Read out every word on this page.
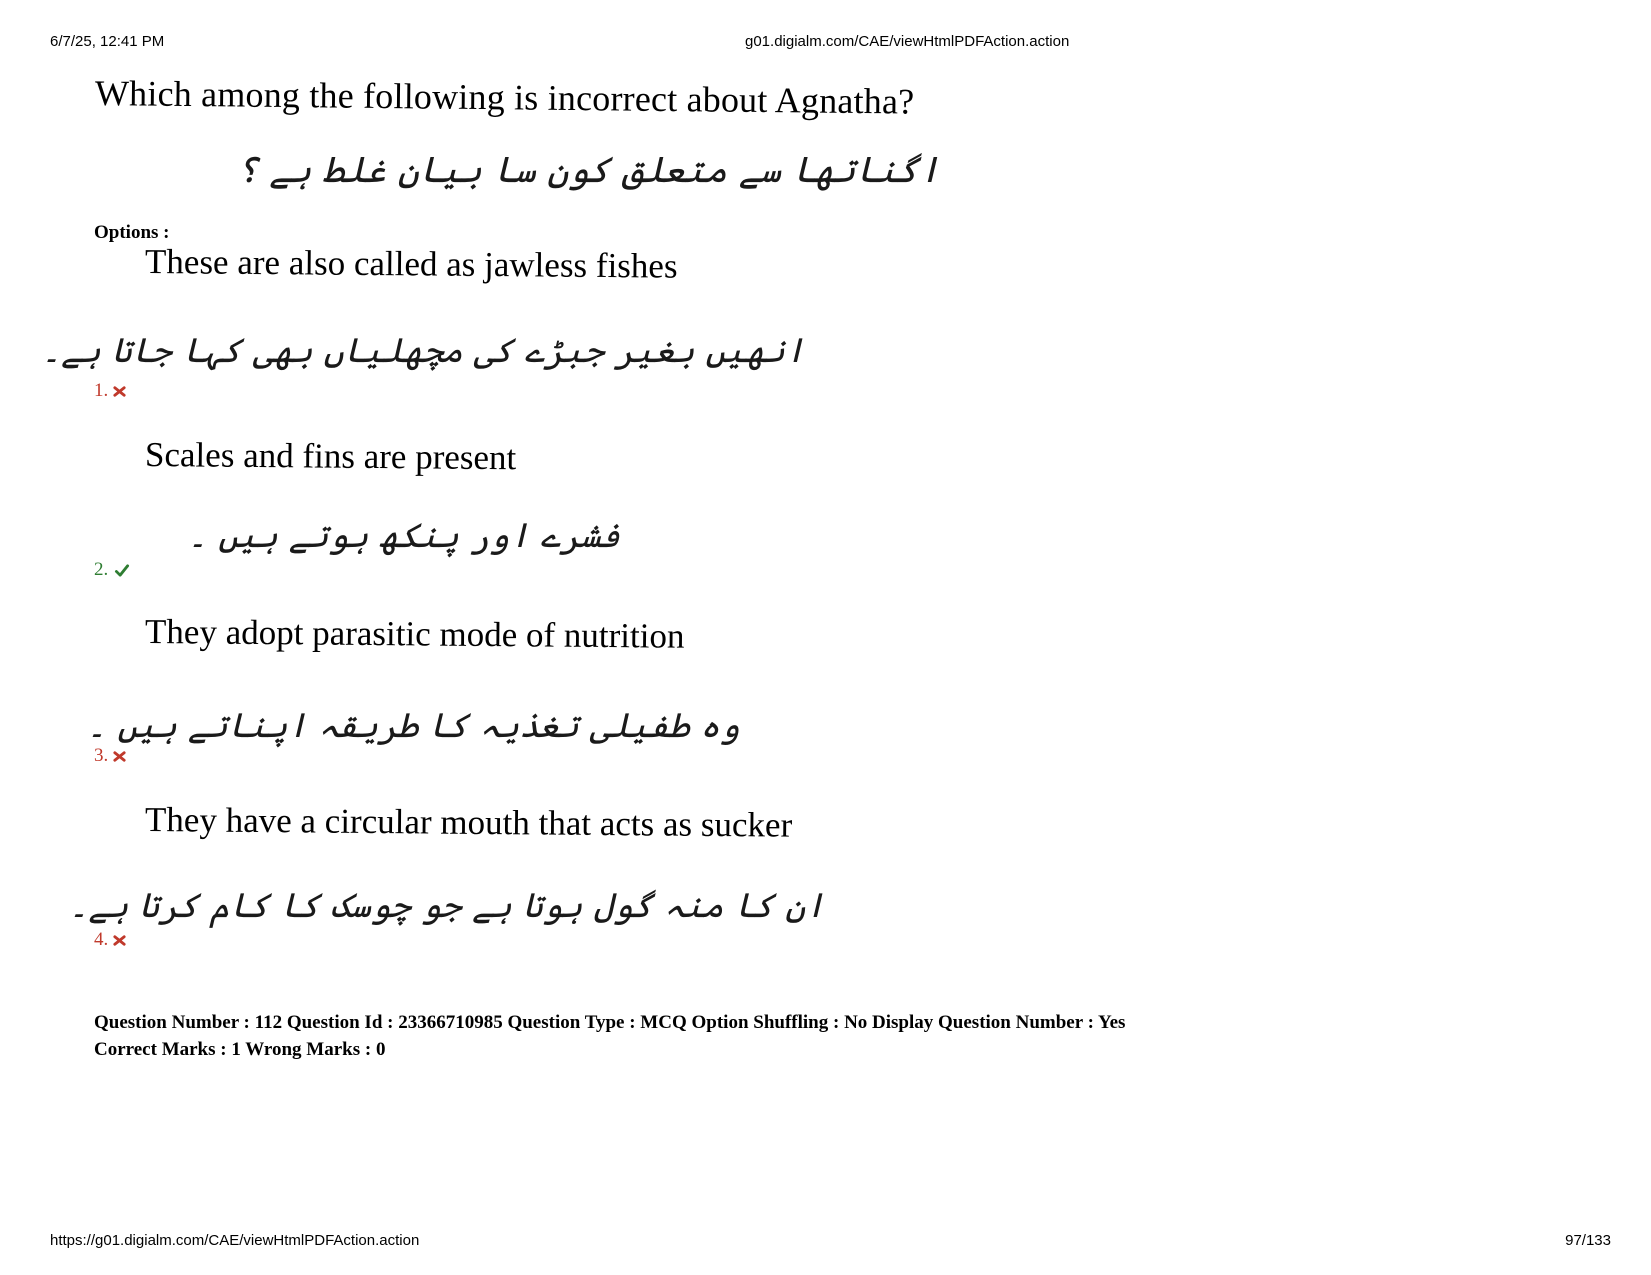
6/7/25, 12:41 PM	g01.digialm.com/CAE/viewHtmlPDFAction.action
Which among the following is incorrect about Agnatha?
اگناتھا سے متعلق کون سا بیان غلط ہے ؟
Options :
These are also called as jawless fishes
انھیں بغیر جبڑے کی مچھلیاں بھی کہا جاتا ہے۔
1.
Scales and fins are present
فشرے اور پنکھ ہوتے ہیں ۔
2.
They adopt parasitic mode of nutrition
وہ طفیلی تغذیہ کا طریقہ اپناتے ہیں ۔
3.
They have a circular mouth that acts as sucker
ان کا منہ گول ہوتا ہے جو چوسک کا کام کرتا ہے۔
4.
Question Number : 112 Question Id : 23366710985 Question Type : MCQ Option Shuffling : No Display Question Number : Yes
Correct Marks : 1 Wrong Marks : 0
https://g01.digialm.com/CAE/viewHtmlPDFAction.action	97/133
